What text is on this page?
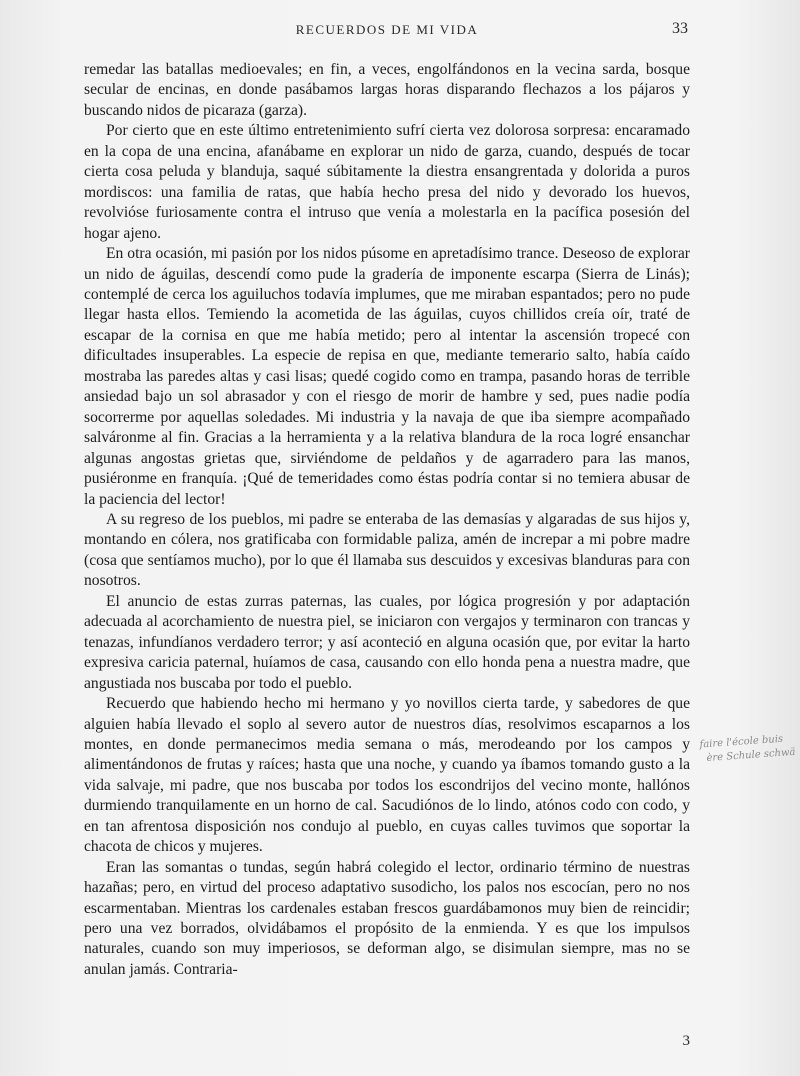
RECUERDOS DE MI VIDA	33

remedar las batallas medioevales; en fin, a veces, engolfándonos en la vecina sarda, bosque secular de encinas, en donde pasábamos largas horas disparando flechazos a los pájaros y buscando nidos de picaraza (garza).

Por cierto que en este último entretenimiento sufrí cierta vez dolorosa sorpresa: encaramado en la copa de una encina, afanábame en explorar un nido de garza, cuando, después de tocar cierta cosa peluda y blanduja, saqué súbitamente la diestra ensangrentada y dolorida a puros mordiscos: una familia de ratas, que había hecho presa del nido y devorado los huevos, revolvióse furiosamente contra el intruso que venía a molestarla en la pacífica posesión del hogar ajeno.

En otra ocasión, mi pasión por los nidos púsome en apretadísimo trance. Deseoso de explorar un nido de águilas, descendí como pude la gradería de imponente escarpa (Sierra de Linás); contemplé de cerca los aguiluchos todavía implumes, que me miraban espantados; pero no pude llegar hasta ellos. Temiendo la acometida de las águilas, cuyos chillidos creía oír, traté de escapar de la cornisa en que me había metido; pero al intentar la ascensión tropecé con dificultades insuperables. La especie de repisa en que, mediante temerario salto, había caído mostraba las paredes altas y casi lisas; quedé cogido como en trampa, pasando horas de terrible ansiedad bajo un sol abrasador y con el riesgo de morir de hambre y sed, pues nadie podía socorrerme por aquellas soledades. Mi industria y la navaja de que iba siempre acompañado salváronme al fin. Gracias a la herramienta y a la relativa blandura de la roca logré ensanchar algunas angostas grietas que, sirviéndome de peldaños y de agarradero para las manos, pusiéronme en franquía. ¡Qué de temeridades como éstas podría contar si no temiera abusar de la paciencia del lector!

A su regreso de los pueblos, mi padre se enteraba de las demasías y algaradas de sus hijos y, montando en cólera, nos gratificaba con formidable paliza, amén de increpar a mi pobre madre (cosa que sentíamos mucho), por lo que él llamaba sus descuidos y excesivas blanduras para con nosotros.

El anuncio de estas zurras paternas, las cuales, por lógica progresión y por adaptación adecuada al acorchamiento de nuestra piel, se iniciaron con vergajos y terminaron con trancas y tenazas, infundíanos verdadero terror; y así aconteció en alguna ocasión que, por evitar la harto expresiva caricia paternal, huíamos de casa, causando con ello honda pena a nuestra madre, que angustiada nos buscaba por todo el pueblo.

Recuerdo que habiendo hecho mi hermano y yo novillos cierta tarde, y sabedores de que alguien había llevado el soplo al severo autor de nuestros días, resolvimos escaparnos a los montes, en donde permanecimos media semana o más, merodeando por los campos y alimentándonos de frutas y raíces; hasta que una noche, y cuando ya íbamos tomando gusto a la vida salvaje, mi padre, que nos buscaba por todos los escondrijos del vecino monte, hallónos durmiendo tranquilamente en un horno de cal. Sacudiónos de lo lindo, atónos codo con codo, y en tan afrentosa disposición nos condujo al pueblo, en cuyas calles tuvimos que soportar la chacota de chicos y mujeres.

Eran las somantas o tundas, según habrá colegido el lector, ordinario término de nuestras hazañas; pero, en virtud del proceso adaptativo susodicho, los palos nos escocían, pero no nos escarmentaban. Mientras los cardenales estaban frescos guardábamonos muy bien de reincidir; pero una vez borrados, olvidábamos el propósito de la enmienda. Y es que los impulsos naturales, cuando son muy imperiosos, se deforman algo, se disimulan siempre, mas no se anulan jamás. Contraria-

faire l'école buis
ère Schule schwä
3
